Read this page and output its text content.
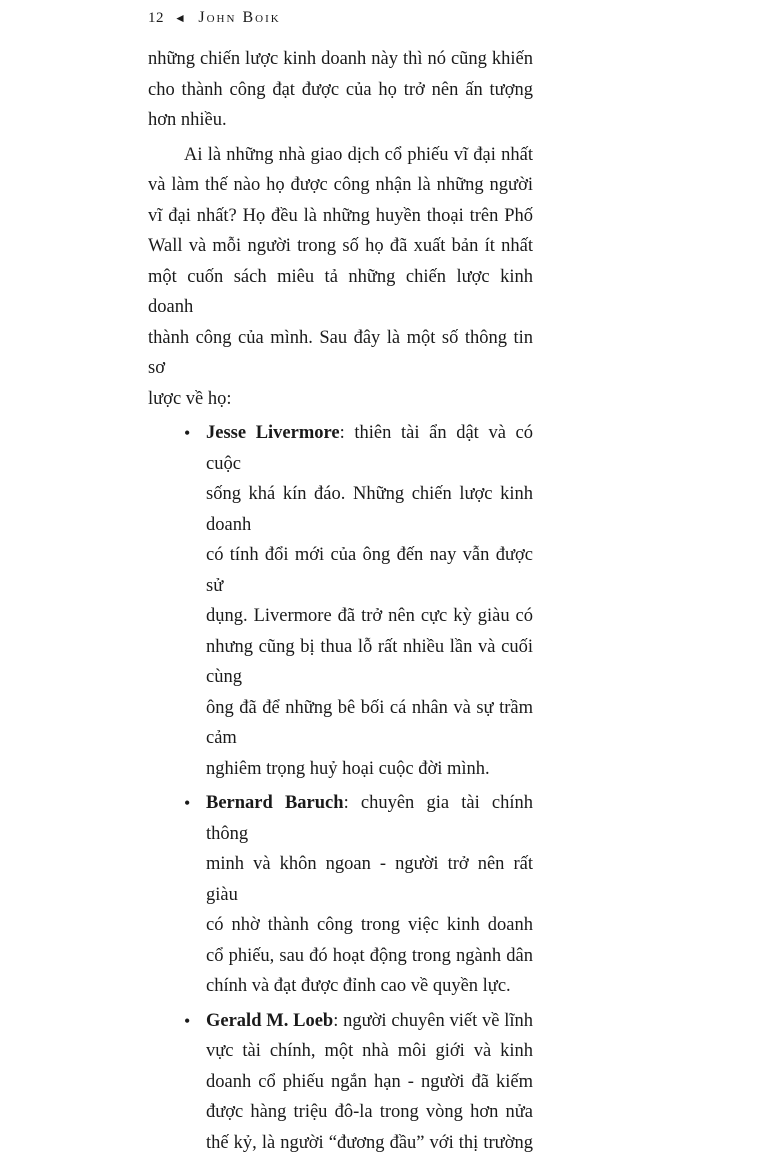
12 ◄ John Boik

những chiến lược kinh doanh này thì nó cũng khiến
cho thành công đạt được của họ trở nên ấn tượng
hơn nhiều.

Ai là những nhà giao dịch cổ phiếu vĩ đại nhất
và làm thế nào họ được công nhận là những người
vĩ đại nhất? Họ đều là những huyền thoại trên Phố
Wall và mỗi người trong số họ đã xuất bản ít nhất
một cuốn sách miêu tả những chiến lược kinh doanh
thành công của mình. Sau đây là một số thông tin sơ
lược về họ:

• Jesse Livermore: thiên tài ẩn dật và có cuộc
sống khá kín đáo. Những chiến lược kinh doanh
có tính đổi mới của ông đến nay vẫn được sử
dụng. Livermore đã trở nên cực kỳ giàu có
nhưng cũng bị thua lỗ rất nhiều lần và cuối cùng
ông đã để những bê bối cá nhân và sự trầm cảm
nghiêm trọng huỷ hoại cuộc đời mình.
• Bernard Baruch: chuyên gia tài chính thông
minh và khôn ngoan - người trở nên rất giàu
có nhờ thành công trong việc kinh doanh
cổ phiếu, sau đó hoạt động trong ngành dân
chính và đạt được đỉnh cao về quyền lực.
• Gerald M. Loeb: người chuyên viết về lĩnh
vực tài chính, một nhà môi giới và kinh
doanh cổ phiếu ngắn hạn - người đã kiếm
được hàng triệu đô-la trong vòng hơn nửa
thế kỷ, là người “đương đầu” với thị trường
